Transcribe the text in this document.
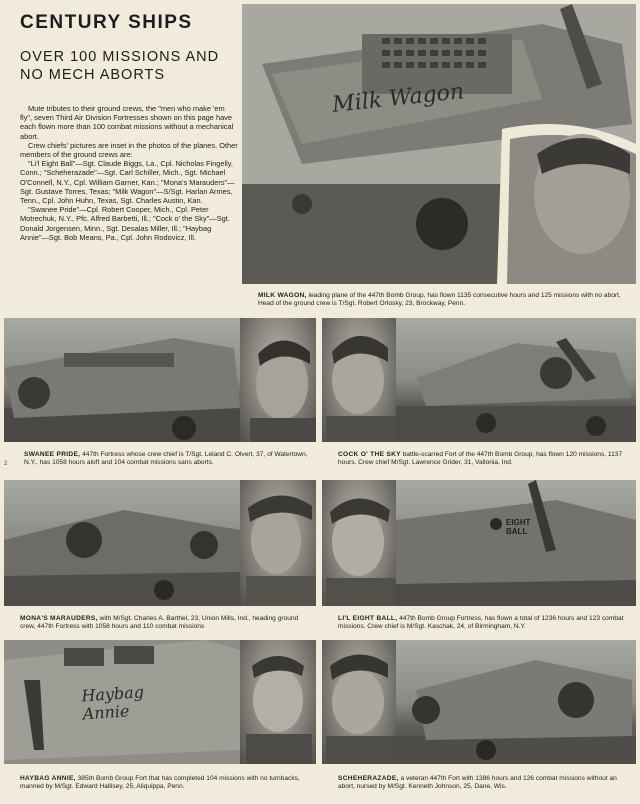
CENTURY SHIPS
OVER 100 MISSIONS AND NO MECH ABORTS

Mute tributes to their ground crews, the "men who make 'em fly", seven Third Air Division Fortresses shown on this page have each flown more than 100 combat missions without a mechanical abort.

Crew chiefs' pictures are inset in the photos of the planes. Other members of the ground crews are:

"Li'l Eight Ball"—Sgt. Claude Biggs, La., Cpl. Nicholas Fingelly, Conn.; "Scheherazade"—Sgt. Carl Schiller, Mich., Sgt. Michael O'Connell, N.Y., Cpl. William Garner, Kan.; "Mona's Marauders"—Sgt. Gustave Torres, Texas; "Milk Wagon"—S/Sgt. Harlan Armes, Tenn., Cpl. John Huhn, Texas, Sgt. Charles Austin, Kan.

"Swanee Pride"—Cpl. Robert Cooper, Mich., Cpl. Peter Motrechuk, N.Y., Pfc. Alfred Barbetti, Ill.; "Cock o' the Sky"—Sgt. Donald Jorgensen, Minn., Sgt. Desalas Miller, Ill.; "Haybag Annie"—Sgt. Bob Means, Pa., Cpl. John Rodovicz, Ill.

Milk Wagon
MILK WAGON, leading plane of the 447th Bomb Group, has flown 1135 consecutive hours and 125 missions with no abort. Head of the ground crew is T/Sgt. Robert Orlosky, 23, Brockway, Penn.
SWANEE PRIDE, 447th Fortress whose crew chief is T/Sgt. Leland C. Olvert, 37, of Watertown, N.Y., has 1058 hours aloft and 104 combat missions sans aborts.
COCK O' THE SKY battle-scarred Fort of the 447th Bomb Group, has flown 120 missions, 1137 hours. Crew chief M/Sgt. Lawrence Grider, 31, Vallonia, Ind.
2
EIGHT BALL
MONA'S MARAUDERS, with M/Sgt. Charles A. Barthel, 23, Union Mills, Ind., heading ground crew, 447th Fortress with 1058 hours and 110 combat missions
LI'L EIGHT BALL, 447th Bomb Group Fortress, has flown a total of 1236 hours and 123 combat missions. Crew chief is M/Sgt. Kaschak, 24, of Birmingham, N.Y.
Haybag Annie
HAYBAG ANNIE, 385th Bomb Group Fort that has completed 104 missions with no turnbacks, manned by M/Sgt. Edward Hallisey, 25, Aliquippa, Penn.
SCHEHERAZADE, a veteran 447th Fort with 1386 hours and 126 combat missions without an abort, nursed by M/Sgt. Kenneth Johnson, 25, Dane, Wis.
